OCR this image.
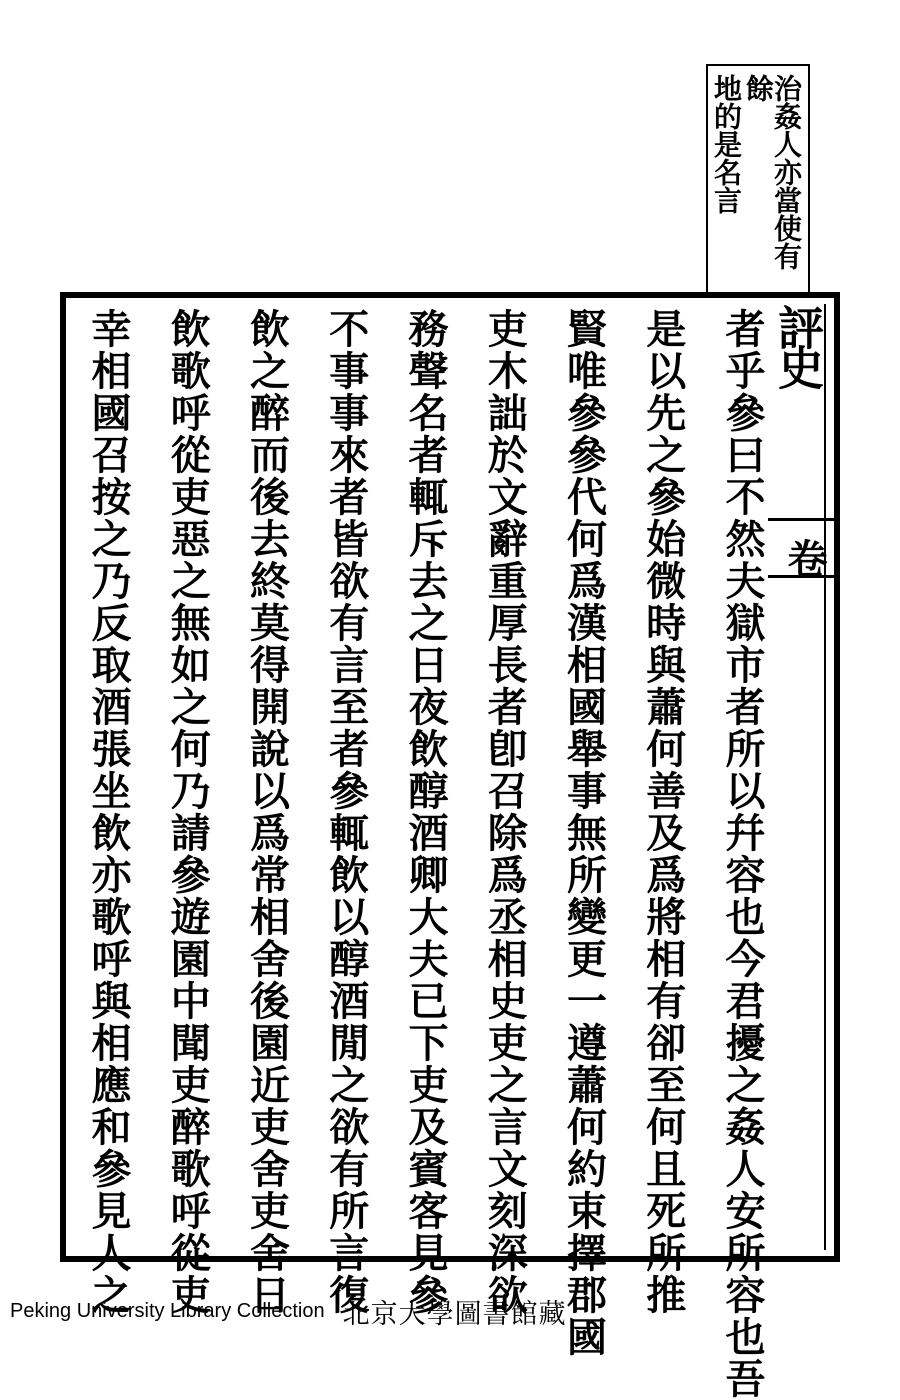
治姦人亦當使有餘
地的是名言
評史
卷
者乎參曰不然夫獄市者所以幷容也今君擾之姦人安所容也吾
是以先之參始微時與蕭何善及爲將相有卻至何且死所推
賢唯參參代何爲漢相國舉事無所變更一遵蕭何約束擇郡國
吏木詘於文辭重厚長者卽召除爲丞相史吏之言文刻深欲
務聲名者輒斥去之日夜飲醇酒卿大夫已下吏及賓客見參
不事事來者皆欲有言至者參輒飲以醇酒閒之欲有所言復
飲之醉而後去終莫得開說以爲常相舍後園近吏舍吏舍日
飲歌呼從吏惡之無如之何乃請參遊園中聞吏醉歌呼從吏
幸相國召按之乃反取酒張坐飲亦歌呼與相應和參見人之
Peking University Library Collection 北京大學圖書館藏
